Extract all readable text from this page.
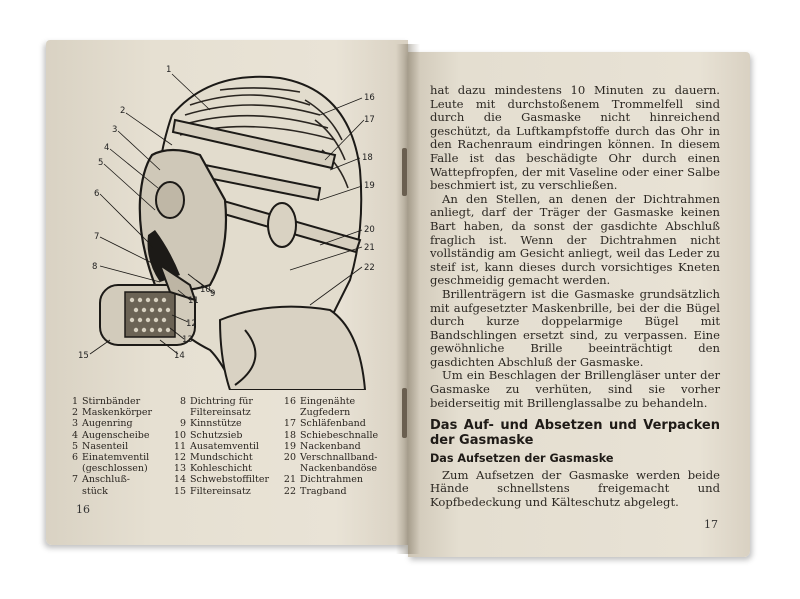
1
2
3
4
5
6
7
8
9
10
11
12
13
14
15
16
17
18
19
20
21
22
1 Stirnbänder
2 Maskenkörper
3 Augenring
4 Augenscheibe
5 Nasenteil
6 Einatemventil
(geschlossen)
7 Anschluß-
stück
8 Dichtring für
Filtereinsatz
9 Kinnstütze
10 Schutzsieb
11 Ausatemventil
12 Mundschicht
13 Kohleschicht
14 Schwebstoffilter
15 Filtereinsatz
16 Eingenähte
Zugfedern
17 Schläfenband
18 Schiebeschnalle
19 Nackenband
20 Verschnallband-
Nackenbandöse
21 Dichtrahmen
22 Tragband
16

hat dazu mindestens 10 Minuten zu dauern. Leute mit durchstoßenem Trommelfell sind durch die Gasmaske nicht hinreichend geschützt, da Luftkampfstoffe durch das Ohr in den Rachenraum eindringen können. In diesem Falle ist das beschädigte Ohr durch einen Wattepfropfen, der mit Vaseline oder einer Salbe beschmiert ist, zu verschließen.

An den Stellen, an denen der Dichtrahmen anliegt, darf der Träger der Gasmaske keinen Bart haben, da sonst der gasdichte Abschluß fraglich ist. Wenn der Dichtrahmen nicht vollständig am Gesicht anliegt, weil das Leder zu steif ist, kann dieses durch vorsichtiges Kneten geschmeidig gemacht werden.

Brillenträgern ist die Gasmaske grundsätzlich mit aufgesetzter Maskenbrille, bei der die Bügel durch kurze doppelarmige Bügel mit Bandschlingen ersetzt sind, zu verpassen. Eine gewöhnliche Brille beeinträchtigt den gasdichten Abschluß der Gasmaske.

Um ein Beschlagen der Brillengläser unter der Gasmaske zu verhüten, sind sie vorher beiderseitig mit Brillenglassalbe zu behandeln.

Das Auf- und Absetzen und Verpacken der Gasmaske
Das Aufsetzen der Gasmaske

Zum Aufsetzen der Gasmaske werden beide Hände schnellstens freigemacht und Kopfbedeckung und Kälteschutz abgelegt.

17
